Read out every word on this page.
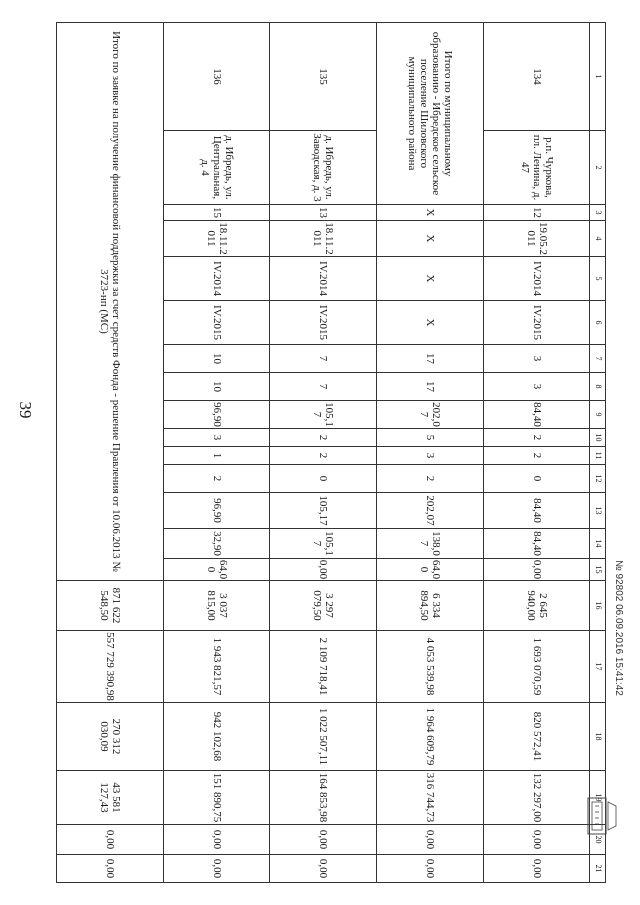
39
1	2	3	4	5	6	7	8	9	10	11	12	13	14	15	16	17	18	19	20	21
134	р.п. Чуркова, пл. Ленина, д. 47	12	19.05.2011	IV.2014	IV.2015	3	3	84,40	2	2	0	84,40	84,40	0,00	2 645 940,00	1 693 070,59	820 572,41	132 297,00	0,00	0,00
Итого по муниципальному образованию - Ибредское сельское поселение Шиловского муниципального района		X	X	X	X	17	17	202,07	5	3	2	202,07	138,07	64,00	6 334 894,50	4 053 539,98	1 964 609,79	316 744,73	0,00	0,00
135	д. Ибредь, ул. Заводская, д. 3	13	18.11.2011	IV.2014	IV.2015	7	7	105,17	2	2	0	105,17	105,17	0,00	3 297 079,50	2 109 718,41	1 022 507,11	164 853,98	0,00	0,00
136	д. Ибредь, ул. Центральная, д. 4	15	18.11.2011	IV.2014	IV.2015	10	10	96,90	3	1	2	96,90	32,90	64,00	3 037 815,00	1 943 821,57	942 102,68	151 890,75	0,00	0,00
Итого по заявке на получение финансовой поддержки за счет средств Фонда - решение Правления от 10.06.2013 № 3723-нп (МС)															871 622 548,50	557 729 390,98	270 312 030,09	43 581 127,43	0,00	0,00
№ 92802 06.09.2016 15:41:42
